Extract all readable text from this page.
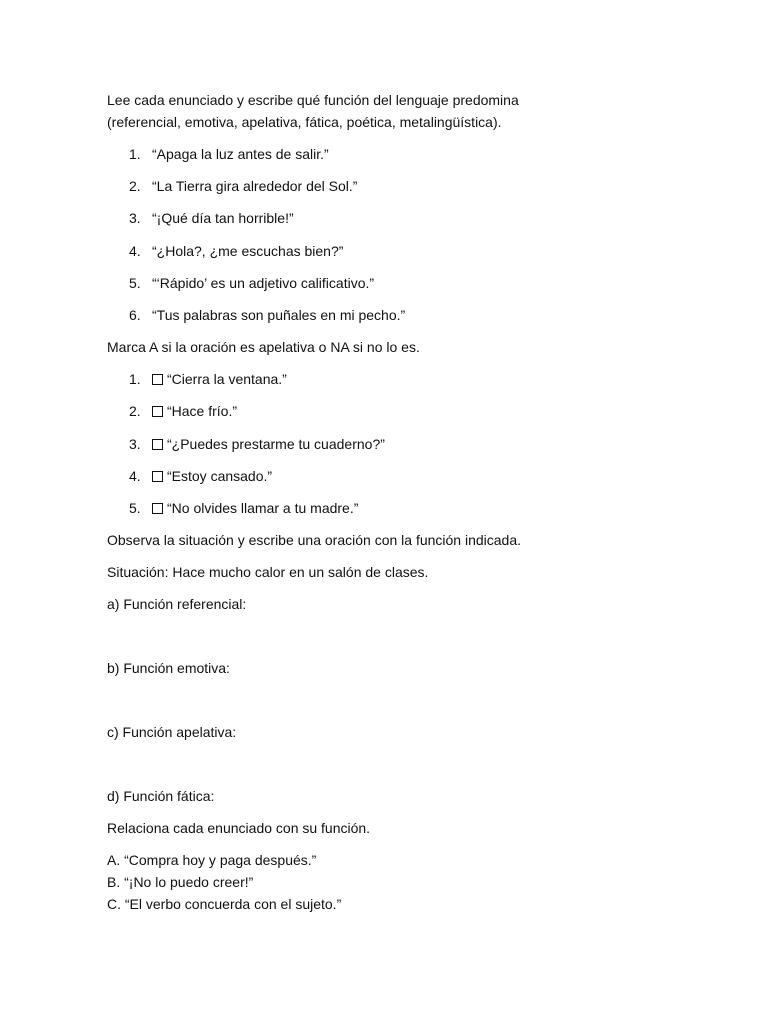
Lee cada enunciado y escribe qué función del lenguaje predomina

(referencial, emotiva, apelativa, fática, poética, metalingüística).

1. “Apaga la luz antes de salir.”
2. “La Tierra gira alrededor del Sol.”
3. “¡Qué día tan horrible!”
4. “¿Hola?, ¿me escuchas bien?”
5. “‘Rápido’ es un adjetivo calificativo.”
6. “Tus palabras son puñales en mi pecho.”

Marca A si la oración es apelativa o NA si no lo es.

1. “Cierra la ventana.”
2. “Hace frío.”
3. “¿Puedes prestarme tu cuaderno?”
4. “Estoy cansado.”
5. “No olvides llamar a tu madre.”

Observa la situación y escribe una oración con la función indicada.

Situación: Hace mucho calor en un salón de clases.

a) Función referencial:

b) Función emotiva:

c) Función apelativa:

d) Función fática:

Relaciona cada enunciado con su función.

A. “Compra hoy y paga después.”
B. “¡No lo puedo creer!”
C. “El verbo concuerda con el sujeto.”
